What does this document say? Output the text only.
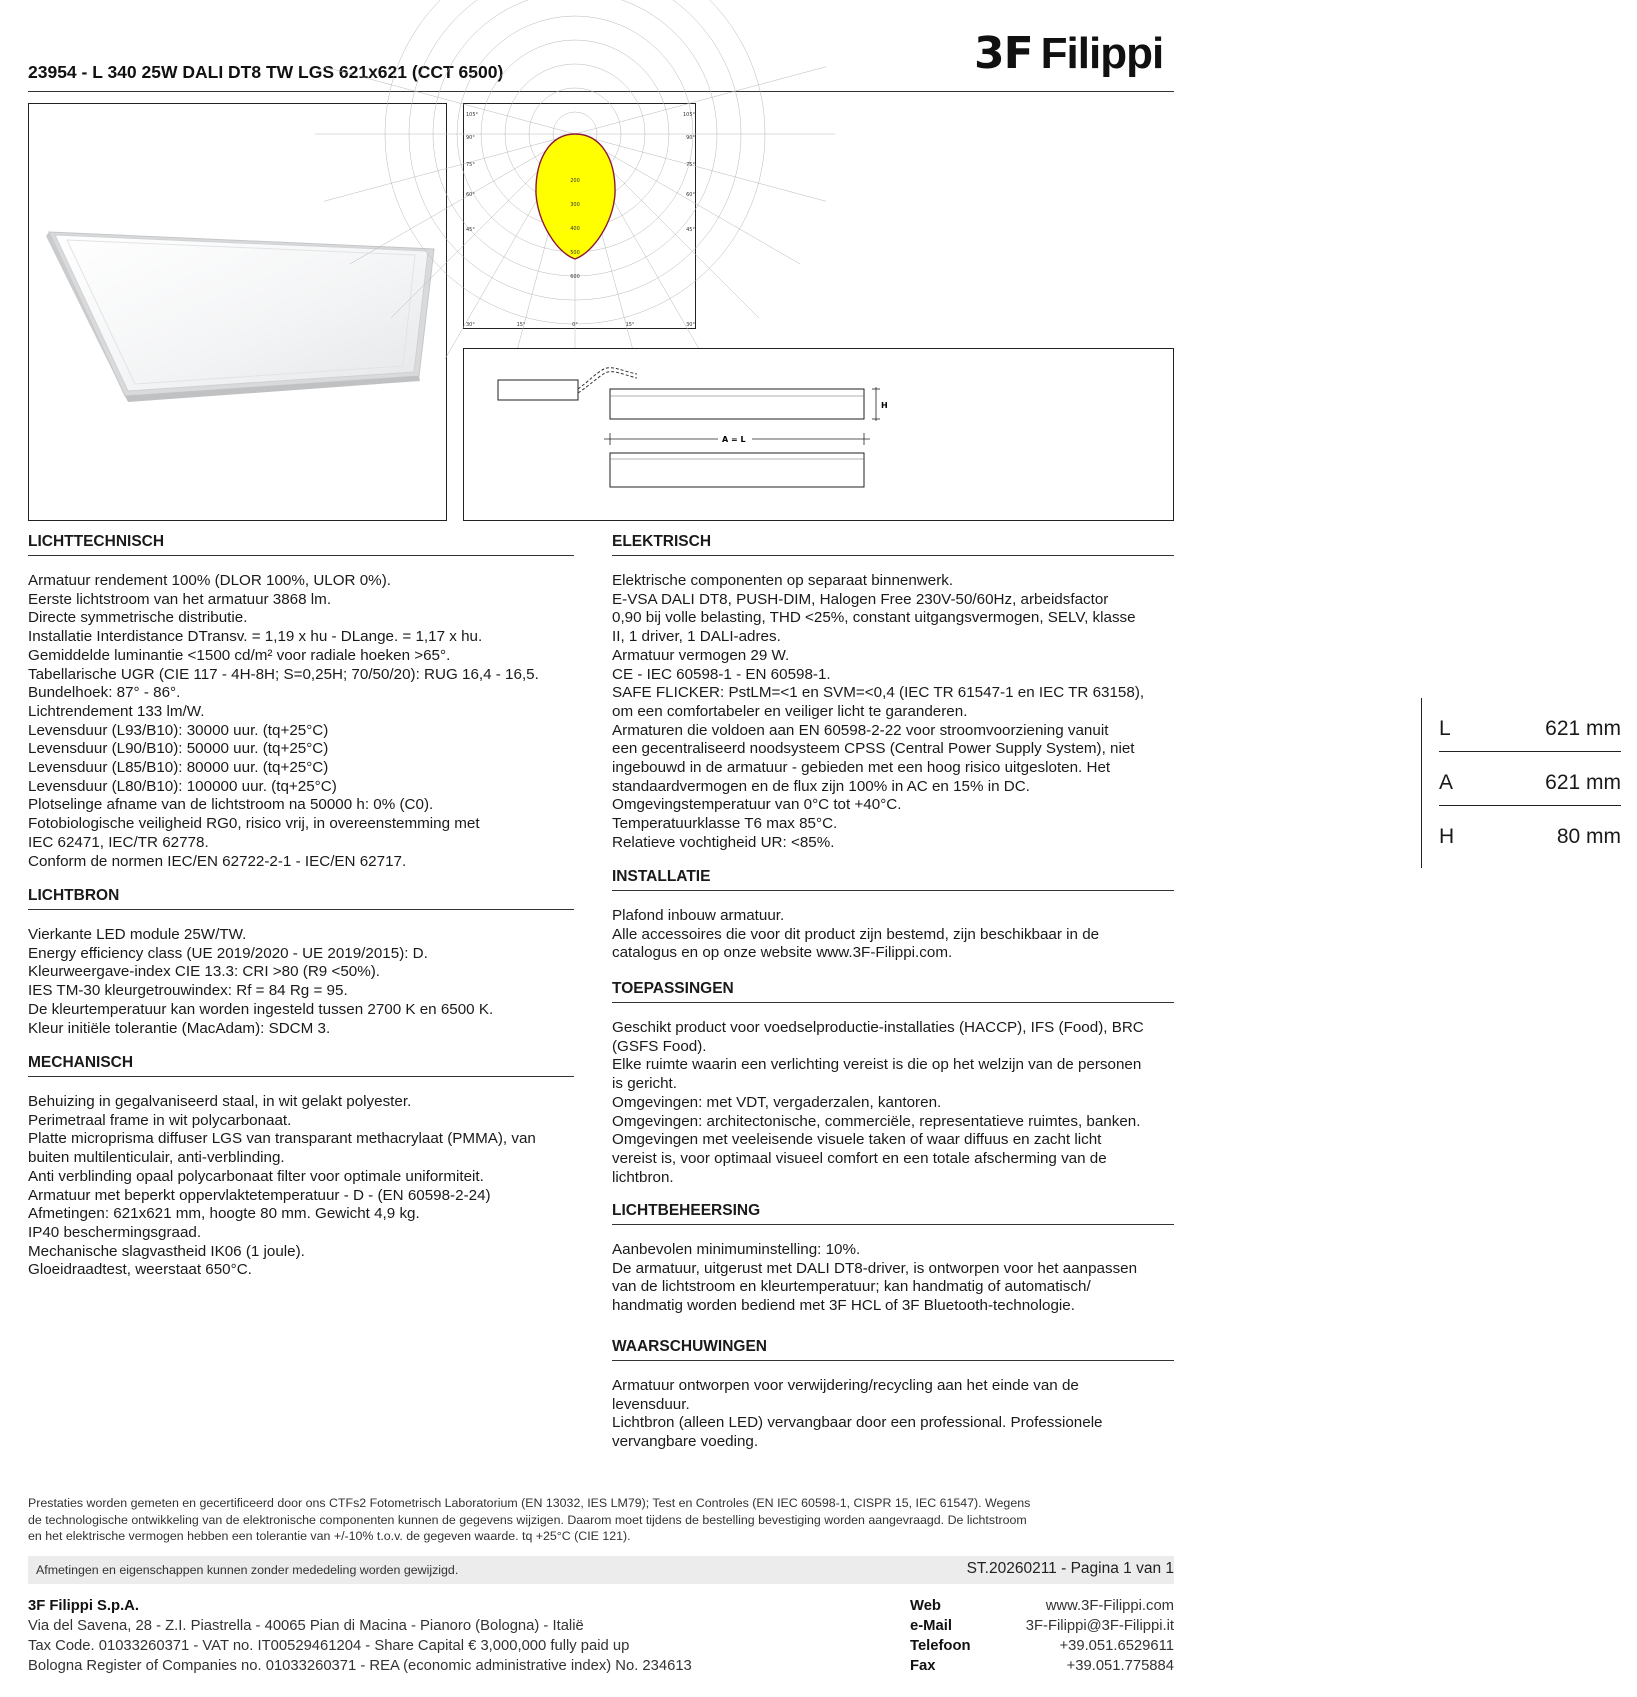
3F Filippi
23954 - L 340 25W DALI DT8 TW LGS 621x621 (CCT 6500)
105°
90°
75°
60°
45°
105°
90°
75°
60°
45°
30°	15°	0°	15°	30°
200
300
400
500
600
H
A = L
L	621 mm
A	621 mm
H	80 mm
LICHTTECHNISCH

Armatuur rendement 100% (DLOR 100%, ULOR 0%).

Eerste lichtstroom van het armatuur 3868 lm.

Directe symmetrische distributie.

Installatie Interdistance DTransv. = 1,19 x hu - DLange. = 1,17 x hu.

Gemiddelde luminantie <1500 cd/m² voor radiale hoeken >65°.

Tabellarische UGR (CIE 117 - 4H-8H; S=0,25H; 70/50/20): RUG 16,4 - 16,5.

Bundelhoek: 87° - 86°.

Lichtrendement 133 lm/W.

Levensduur (L93/B10): 30000 uur. (tq+25°C)

Levensduur (L90/B10): 50000 uur. (tq+25°C)

Levensduur (L85/B10): 80000 uur. (tq+25°C)

Levensduur (L80/B10): 100000 uur. (tq+25°C)

Plotselinge afname van de lichtstroom na 50000 h: 0% (C0).

Fotobiologische veiligheid RG0, risico vrij, in overeenstemming met

IEC 62471, IEC/TR 62778.

Conform de normen IEC/EN 62722-2-1 - IEC/EN 62717.

LICHTBRON

Vierkante LED module 25W/TW.

Energy efficiency class (UE 2019/2020 - UE 2019/2015): D.

Kleurweergave-index CIE 13.3: CRI >80 (R9 <50%).

IES TM-30 kleurgetrouwindex: Rf = 84 Rg = 95.

De kleurtemperatuur kan worden ingesteld tussen 2700 K en 6500 K.

Kleur initiële tolerantie (MacAdam): SDCM 3.

MECHANISCH

Behuizing in gegalvaniseerd staal, in wit gelakt polyester.

Perimetraal frame in wit polycarbonaat.

Platte microprisma diffuser LGS van transparant methacrylaat (PMMA), van

buiten multilenticulair, anti-verblinding.

Anti verblinding opaal polycarbonaat filter voor optimale uniformiteit.

Armatuur met beperkt oppervlaktetemperatuur - D - (EN 60598-2-24)

Afmetingen: 621x621 mm, hoogte 80 mm. Gewicht 4,9 kg.

IP40 beschermingsgraad.

Mechanische slagvastheid IK06 (1 joule).

Gloeidraadtest, weerstaat 650°C.

ELEKTRISCH

Elektrische componenten op separaat binnenwerk.

E-VSA DALI DT8, PUSH-DIM, Halogen Free 230V-50/60Hz, arbeidsfactor

0,90 bij volle belasting, THD <25%, constant uitgangsvermogen, SELV, klasse

II, 1 driver, 1 DALI-adres.

Armatuur vermogen 29 W.

CE - IEC 60598-1 - EN 60598-1.

SAFE FLICKER: PstLM=<1 en SVM=<0,4 (IEC TR 61547-1 en IEC TR 63158),

om een comfortabeler en veiliger licht te garanderen.

Armaturen die voldoen aan EN 60598-2-22 voor stroomvoorziening vanuit

een gecentraliseerd noodsysteem CPSS (Central Power Supply System), niet

ingebouwd in de armatuur - gebieden met een hoog risico uitgesloten. Het

standaardvermogen en de flux zijn 100% in AC en 15% in DC.

Omgevingstemperatuur van 0°C tot +40°C.

Temperatuurklasse T6 max 85°C.

Relatieve vochtigheid UR: <85%.

INSTALLATIE

Plafond inbouw armatuur.

Alle accessoires die voor dit product zijn bestemd, zijn beschikbaar in de

catalogus en op onze website www.3F-Filippi.com.

TOEPASSINGEN

Geschikt product voor voedselproductie-installaties (HACCP), IFS (Food), BRC

(GSFS Food).

Elke ruimte waarin een verlichting vereist is die op het welzijn van de personen

is gericht.

Omgevingen: met VDT, vergaderzalen, kantoren.

Omgevingen: architectonische, commerciële, representatieve ruimtes, banken.

Omgevingen met veeleisende visuele taken of waar diffuus en zacht licht

vereist is, voor optimaal visueel comfort en een totale afscherming van de

lichtbron.

LICHTBEHEERSING

Aanbevolen minimuminstelling: 10%.

De armatuur, uitgerust met DALI DT8-driver, is ontworpen voor het aanpassen

van de lichtstroom en kleurtemperatuur; kan handmatig of automatisch/

handmatig worden bediend met 3F HCL of 3F Bluetooth-technologie.

WAARSCHUWINGEN

Armatuur ontworpen voor verwijdering/recycling aan het einde van de

levensduur.

Lichtbron (alleen LED) vervangbaar door een professional. Professionele

vervangbare voeding.

Prestaties worden gemeten en gecertificeerd door ons CTFs2 Fotometrisch Laboratorium (EN 13032, IES LM79); Test en Controles (EN IEC 60598-1, CISPR 15, IEC 61547). Wegens

de technologische ontwikkeling van de elektronische componenten kunnen de gegevens wijzigen. Daarom moet tijdens de bestelling bevestiging worden aangevraagd. De lichtstroom

en het elektrische vermogen hebben een tolerantie van +/-10% t.o.v. de gegeven waarde. tq +25°C (CIE 121).

Afmetingen en eigenschappen kunnen zonder mededeling worden gewijzigd.	ST.20260211 - Pagina 1 van 1

3F Filippi S.p.A.

Via del Savena, 28 - Z.I. Piastrella - 40065 Pian di Macina - Pianoro (Bologna) - Italië

Tax Code. 01033260371 - VAT no. IT00529461204 - Share Capital € 3,000,000 fully paid up

Bologna Register of Companies no. 01033260371 - REA (economic administrative index) No. 234613

Web	www.3F-Filippi.com
e-Mail	3F-Filippi@3F-Filippi.it
Telefoon	+39.051.6529611
Fax	+39.051.775884
